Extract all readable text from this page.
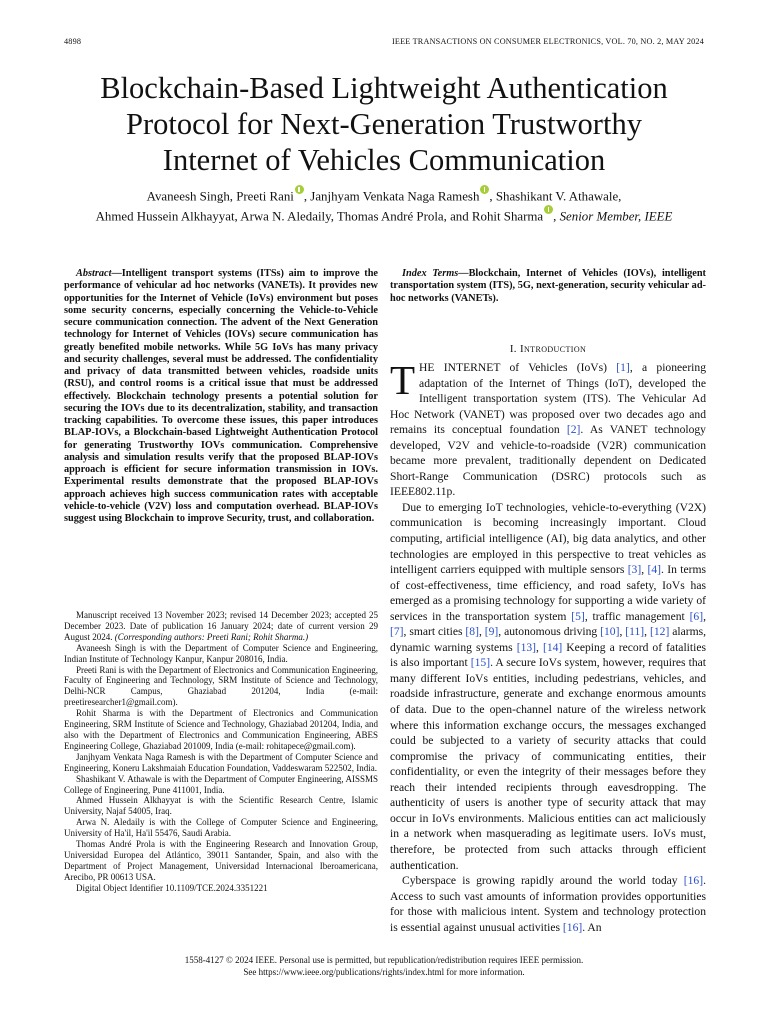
4898	IEEE TRANSACTIONS ON CONSUMER ELECTRONICS, VOL. 70, NO. 2, MAY 2024
Blockchain-Based Lightweight Authentication
Protocol for Next-Generation Trustworthy
Internet of Vehicles Communication
Avaneesh Singh, Preeti Rani , Janjhyam Venkata Naga Ramesh , Shashikant V. Athawale,
Ahmed Hussein Alkhayyat, Arwa N. Aledaily, Thomas André Prola, and Rohit Sharma , Senior Member, IEEE

Abstract—Intelligent transport systems (ITSs) aim to improve the performance of vehicular ad hoc networks (VANETs). It provides new opportunities for the Internet of Vehicle (IoVs) environment but poses some security concerns, especially concerning the Vehicle-to-Vehicle secure communication connection. The advent of the Next Generation technology for Internet of Vehicles (IOVs) secure communication has greatly benefited mobile networks. While 5G IoVs has many privacy and security challenges, several must be addressed. The confidentiality and privacy of data transmitted between vehicles, roadside units (RSU), and control rooms is a critical issue that must be addressed effectively. Blockchain technology presents a potential solution for securing the IOVs due to its decentralization, stability, and transaction tracking capabilities. To overcome these issues, this paper introduces BLAP-IOVs, a Blockchain-based Lightweight Authentication Protocol for generating Trustworthy IOVs communication. Comprehensive analysis and simulation results verify that the proposed BLAP-IOVs approach is efficient for secure information transmission in IOVs. Experimental results demonstrate that the proposed BLAP-IOVs approach achieves high success communication rates with acceptable vehicle-to-vehicle (V2V) loss and computation overhead. BLAP-IOVs suggest using Blockchain to improve Security, trust, and collaboration.

Manuscript received 13 November 2023; revised 14 December 2023; accepted 25 December 2023. Date of publication 16 January 2024; date of current version 29 August 2024. (Corresponding authors: Preeti Rani; Rohit Sharma.)

Avaneesh Singh is with the Department of Computer Science and Engineering, Indian Institute of Technology Kanpur, Kanpur 208016, India.

Preeti Rani is with the Department of Electronics and Communication Engineering, Faculty of Engineering and Technology, SRM Institute of Science and Technology, Delhi-NCR Campus, Ghaziabad 201204, India (e-mail: preetiresearcher1@gmail.com).

Rohit Sharma is with the Department of Electronics and Communication Engineering, SRM Institute of Science and Technology, Ghaziabad 201204, India, and also with the Department of Electronics and Communication Engineering, ABES Engineering College, Ghaziabad 201009, India (e-mail: rohitapece@gmail.com).

Janjhyam Venkata Naga Ramesh is with the Department of Computer Science and Engineering, Koneru Lakshmaiah Education Foundation, Vaddeswaram 522502, India.

Shashikant V. Athawale is with the Department of Computer Engineering, AISSMS College of Engineering, Pune 411001, India.

Ahmed Hussein Alkhayyat is with the Scientific Research Centre, Islamic University, Najaf 54005, Iraq.

Arwa N. Aledaily is with the College of Computer Science and Engineering, University of Ha'il, Ha'il 55476, Saudi Arabia.

Thomas André Prola is with the Engineering Research and Innovation Group, Universidad Europea del Atlántico, 39011 Santander, Spain, and also with the Department of Project Management, Universidad Internacional Iberoamericana, Arecibo, PR 00613 USA.

Digital Object Identifier 10.1109/TCE.2024.3351221

Index Terms—Blockchain, Internet of Vehicles (IOVs), intelligent transportation system (ITS), 5G, next-generation, security vehicular ad-hoc networks (VANETs).

I. Introduction

THE INTERNET of Vehicles (IoVs) [1], a pioneering adaptation of the Internet of Things (IoT), developed the Intelligent transportation system (ITS). The Vehicular Ad Hoc Network (VANET) was proposed over two decades ago and remains its conceptual foundation [2]. As VANET technology developed, V2V and vehicle-to-roadside (V2R) communication became more prevalent, traditionally dependent on Dedicated Short-Range Communication (DSRC) protocols such as IEEE802.11p.

Due to emerging IoT technologies, vehicle-to-everything (V2X) communication is becoming increasingly important. Cloud computing, artificial intelligence (AI), big data analytics, and other technologies are employed in this perspective to treat vehicles as intelligent carriers equipped with multiple sensors [3], [4]. In terms of cost-effectiveness, time efficiency, and road safety, IoVs has emerged as a promising technology for supporting a wide variety of services in the transportation system [5], traffic management [6], [7], smart cities [8], [9], autonomous driving [10], [11], [12] alarms, dynamic warning systems [13], [14] Keeping a record of fatalities is also important [15]. A secure IoVs system, however, requires that many different IoVs entities, including pedestrians, vehicles, and roadside infrastructure, generate and exchange enormous amounts of data. Due to the open-channel nature of the wireless network where this information exchange occurs, the messages exchanged could be subjected to a variety of security attacks that could compromise the privacy of communicating entities, their confidentiality, or even the integrity of their messages before they reach their intended recipients through eavesdropping. The authenticity of users is another type of security attack that may occur in IoVs environments. Malicious entities can act maliciously in a network when masquerading as legitimate users. IoVs must, therefore, be protected from such attacks through efficient authentication.

Cyberspace is growing rapidly around the world today [16]. Access to such vast amounts of information provides opportunities for those with malicious intent. System and technology protection is essential against unusual activities [16]. An

1558-4127 © 2024 IEEE. Personal use is permitted, but republication/redistribution requires IEEE permission.
See https://www.ieee.org/publications/rights/index.html for more information.
